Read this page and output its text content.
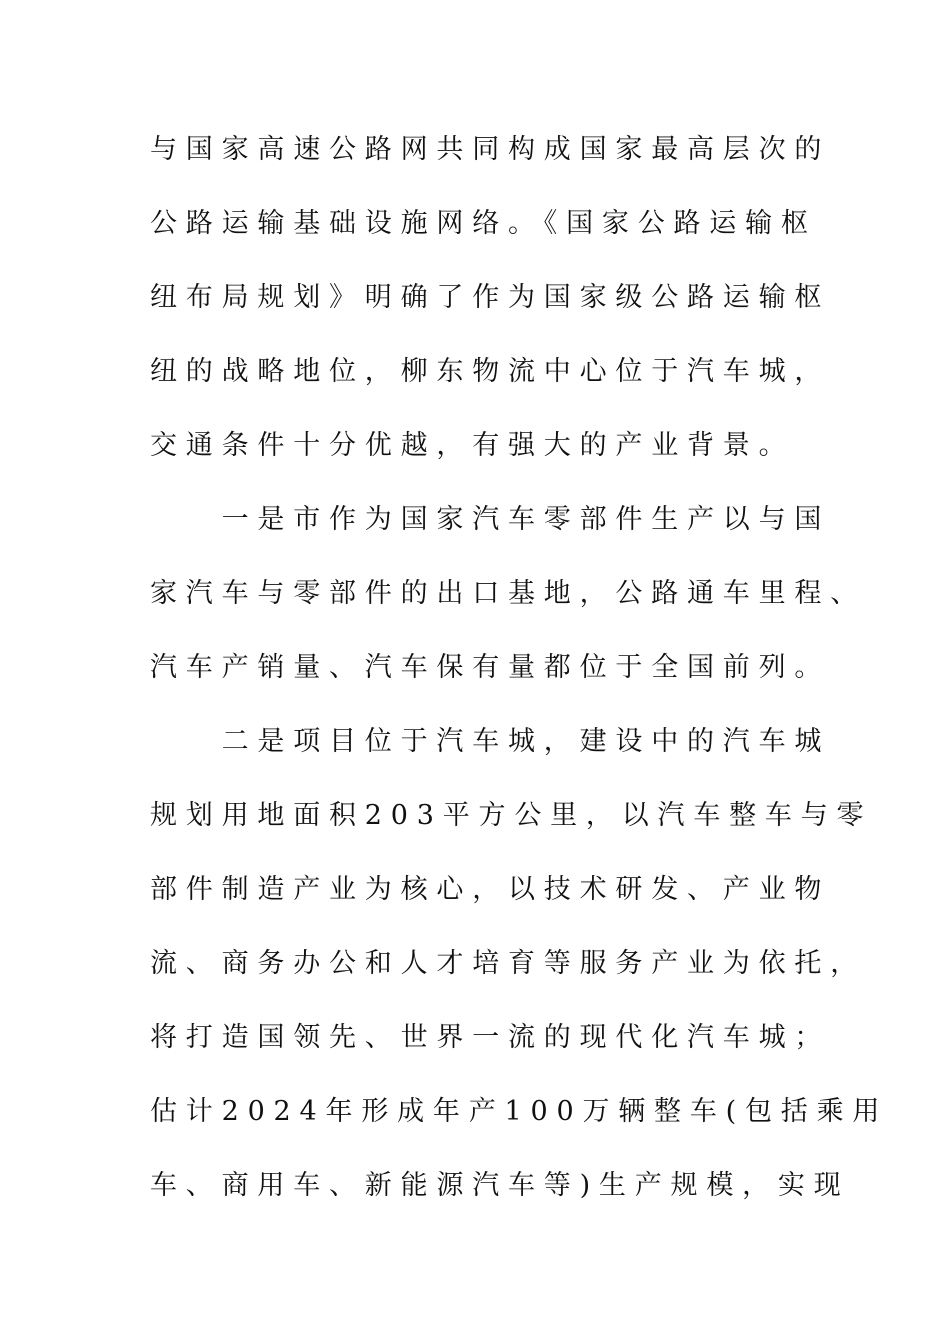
与国家高速公路网共同构成国家最高层次的
公路运输基础设施网络。《国家公路运输枢
纽布局规划》明确了作为国家级公路运输枢
纽的战略地位，柳东物流中心位于汽车城，
交通条件十分优越，有强大的产业背景。
　　一是市作为国家汽车零部件生产以与国
家汽车与零部件的出口基地，公路通车里程、
汽车产销量、汽车保有量都位于全国前列。
　　二是项目位于汽车城，建设中的汽车城
规划用地面积203平方公里，以汽车整车与零
部件制造产业为核心，以技术研发、产业物
流、商务办公和人才培育等服务产业为依托，
将打造国领先、世界一流的现代化汽车城；
估计2024年形成年产100万辆整车(包括乘用
车、商用车、新能源汽车等)生产规模，实现
